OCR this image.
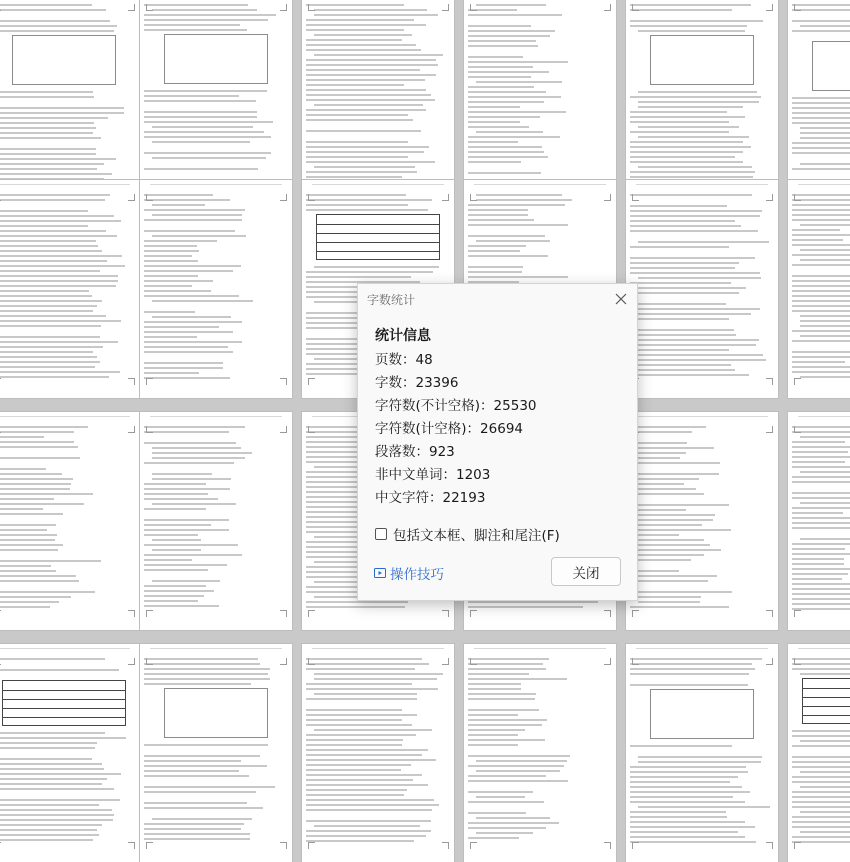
字数统计
统计信息
页数：48
字数：23396
字符数(不计空格)：25530
字符数(计空格)：26694
段落数：923
非中文单词：1203
中文字符：22193
包括文本框、脚注和尾注(F)
操作技巧	关闭
